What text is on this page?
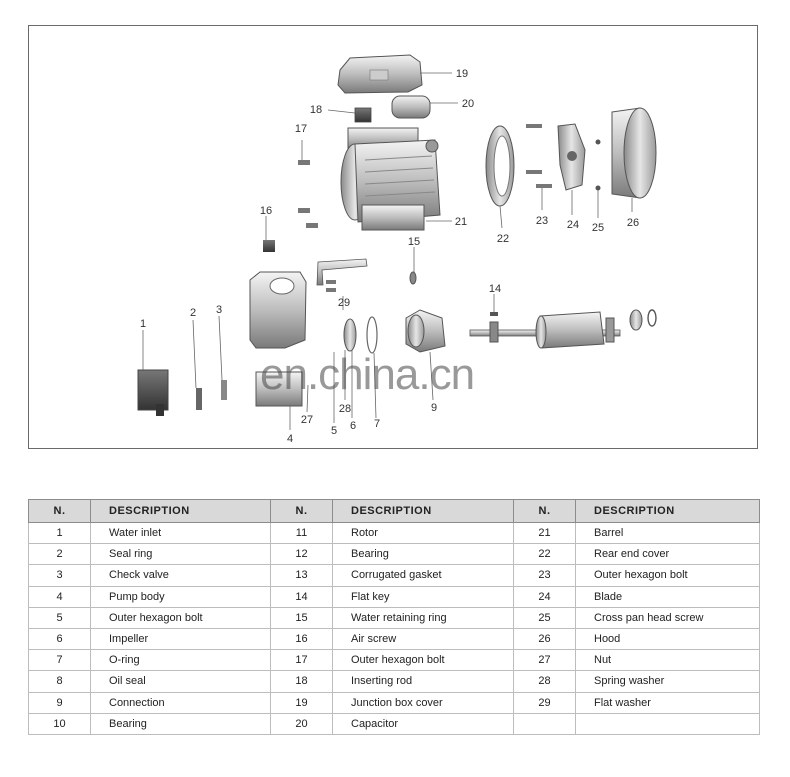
1
2 3
4
5 6 7
28
27
9
29
15
14
16
17
18
19
20
21
22
23 24 25 26
en.china.cn
N.	DESCRIPTION	N.	DESCRIPTION	N.	DESCRIPTION
1	Water inlet	11	Rotor	21	Barrel
2	Seal ring	12	Bearing	22	Rear end cover
3	Check valve	13	Corrugated gasket	23	Outer hexagon bolt
4	Pump body	14	Flat key	24	Blade
5	Outer hexagon bolt	15	Water retaining ring	25	Cross pan head screw
6	Impeller	16	Air screw	26	Hood
7	O-ring	17	Outer hexagon bolt	27	Nut
8	Oil seal	18	Inserting rod	28	Spring washer
9	Connection	19	Junction box cover	29	Flat washer
10	Bearing	20	Capacitor		
